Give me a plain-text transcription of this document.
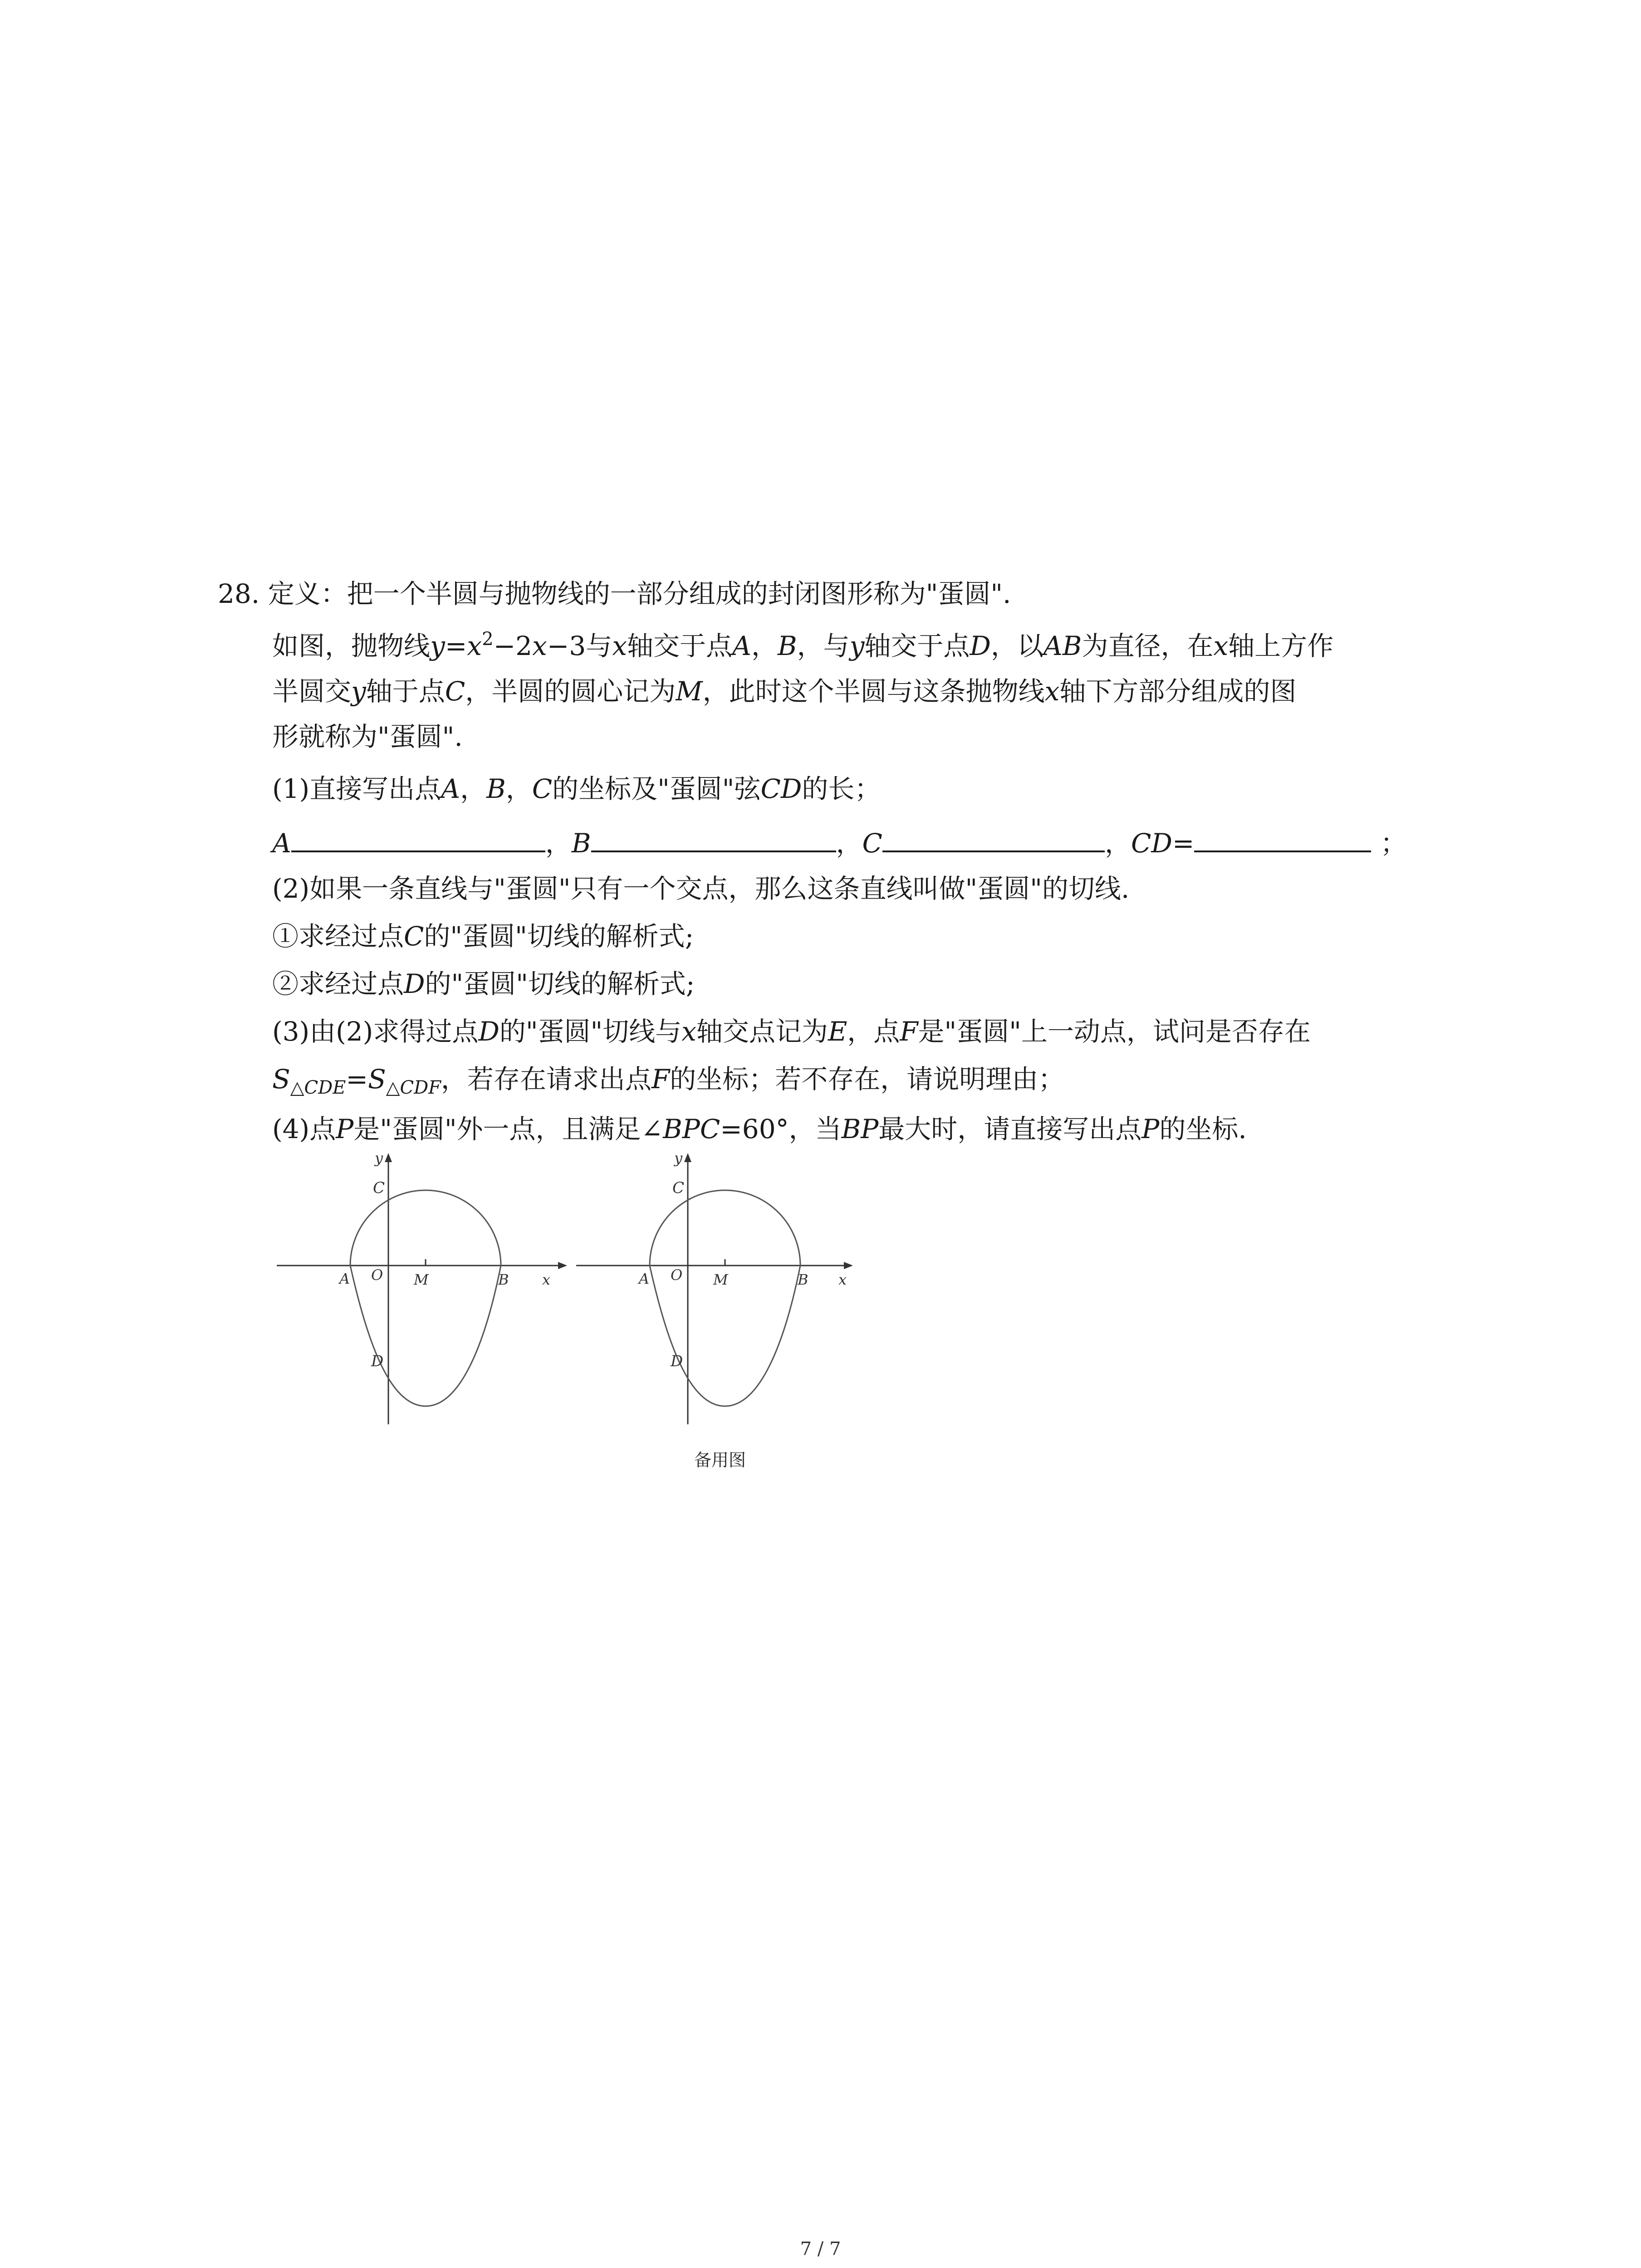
28. 定义：把一个半圆与抛物线的一部分组成的封闭图形称为"蛋圆".
如图，抛物线$y=x^2-2x-3$与x轴交于点A，B，与y轴交于点D，以AB为直径，在x轴上方作
半圆交y轴于点C，半圆的圆心记为M，此时这个半圆与这条抛物线x轴下方部分组成的图
形就称为"蛋圆".
(1)直接写出点A，B，C的坐标及"蛋圆"弦CD的长；
A	，B	，C	，CD=	；
(2)如果一条直线与"蛋圆"只有一个交点，那么这条直线叫做"蛋圆"的切线.
①求经过点C的"蛋圆"切线的解析式;
②求经过点D的"蛋圆"切线的解析式;
(3)由(2)求得过点D的"蛋圆"切线与x轴交点记为E，点F是"蛋圆"上一动点，试问是否存在
$S_{\triangle CDE}=S_{\triangle CDF}$，若存在请求出点F的坐标；若不存在，请说明理由；
(4)点P是"蛋圆"外一点，且满足∠BPC=60°，当BP最大时，请直接写出点P的坐标.
y
C
O
A	M	B x
D
y
C
O
A	M	B x
D
备用图
7 / 7
